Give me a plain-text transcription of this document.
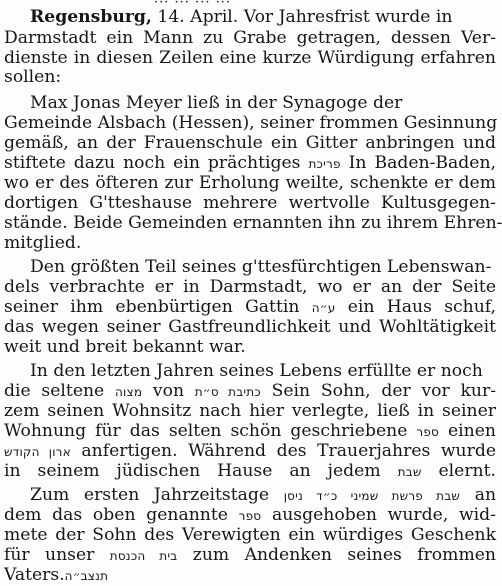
··· ··· ··· ···
Regensburg, 14. April. Vor Jahresfrist wurde in
Darmstadt ein Mann zu Grabe getragen, dessen Ver-
dienste in diesen Zeilen eine kurze Würdigung erfahren
sollen:
Max Jonas Meyer ließ in der Synagoge der
Gemeinde Alsbach (Hessen), seiner frommen Gesinnung
gemäß, an der Frauenschule ein Gitter anbringen und
stiftete dazu noch ein prächtiges פריכת In Baden-Baden,
wo er des öfteren zur Erholung weilte, schenkte er dem
dortigen G'tteshause mehrere wertvolle Kultusgegen-
stände. Beide Gemeinden ernannten ihn zu ihrem Ehren-
mitglied.
Den größten Teil seines g'ttesfürchtigen Lebenswan-
dels verbrachte er in Darmstadt, wo er an der Seite
seiner ihm ebenbürtigen Gattin ע״ה ein Haus schuf,
das wegen seiner Gastfreundlichkeit und Wohltätigkeit
weit und breit bekannt war.
In den letzten Jahren seines Lebens erfüllte er noch
die seltene מצוה von כתיבת ס״ת Sein Sohn, der vor kur-
zem seinen Wohnsitz nach hier verlegte, ließ in seiner
Wohnung für das selten schön geschriebene ספר einen
ארון הקודש anfertigen. Während des Trauerjahres wurde
in seinem jüdischen Hause an jedem שבת elernt.
Zum ersten Jahrzeitstage שבת פרשת שמיני כ״ד ניסן an
dem das oben genannte ספר ausgehoben wurde, wid-
mete der Sohn des Verewigten ein würdiges Geschenk
für unser בית הכנסת zum Andenken seines frommen
Vaters.תנצב״ה
